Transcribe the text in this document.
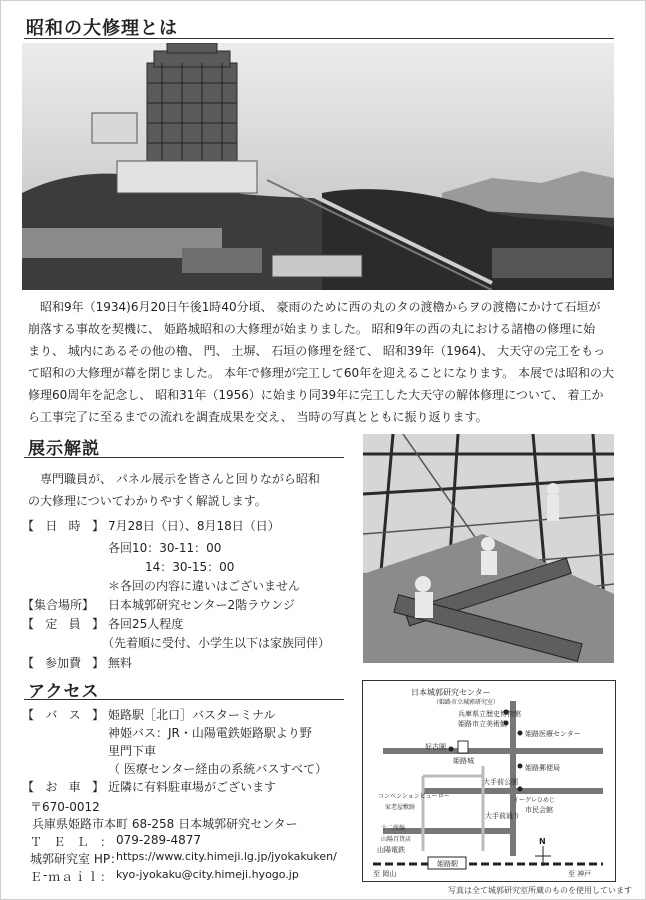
昭和の大修理とは
　昭和9年（1934)6月20日午後1時40分頃、 豪雨のために西の丸のタの渡櫓からヲの渡櫓にかけて石垣が
崩落する事故を契機に、 姫路城昭和の大修理が始まりました。 昭和9年の西の丸における諸櫓の修理に始
まり、 城内にあるその他の櫓、 門、 土塀、 石垣の修理を経て、 昭和39年（1964)、 大天守の完工をもっ
て昭和の大修理が幕を閉じました。 本年で修理が完工して60年を迎えることになります。 本展では昭和の大
修理60周年を記念し、 昭和31年（1956）に始まり同39年に完工した大天守の解体修理について、 着工か
ら工事完了に至るまでの流れを調査成果を交え、 当時の写真とともに振り返ります。
展示解説
　専門職員が、 パネル展示を皆さんと回りながら昭和
の大修理についてわかりやすく解説します。
【 日 時 】 7月28日（日）、8月18日（日）
各回10：30-11：00
14：30-15：00
＊各回の内容に違いはございません
【集合場所】 日本城郭研究センター2階ラウンジ
【 定 員 】 各回25人程度
（先着順に受付、小学生以下は家族同伴）
【 参加費 】 無料
アクセス
【 バ ス 】 姫路駅［北口］バスターミナル
神姫バス：JR・山陽電鉄姫路駅より野
里門下車
（ 医療センター経由の系統バスすべて）
【 お 車 】 近隣に有料駐車場がございます
〒670-0012
兵庫県姫路市本町 68-258 日本城郭研究センター
Ｔ Ｅ Ｌ ： 079-289-4877
城郭研究室 HP：
https://www.city.himeji.lg.jp/jyokakuken/
Ｅ - ｍ ａ ｉ ｌ ： kyo-jyokaku@city.himeji.hyogo.jp
日本城郭研究センター
（姫路市立城郭研究室）
兵庫県立歴史博物館
姫路市立美術館
姫路医療センター
好古園
姫路城
姫路郵便局
大手前公園
イーグレひめじ
市民会館
コンベンションビューロー
家老屋敷跡
大手前通り
十二所線
山陽百貨店
山陽電鉄
姫路駅
至 岡山	至 神戸
N
写真は全て城郭研究室所蔵のものを使用しています
